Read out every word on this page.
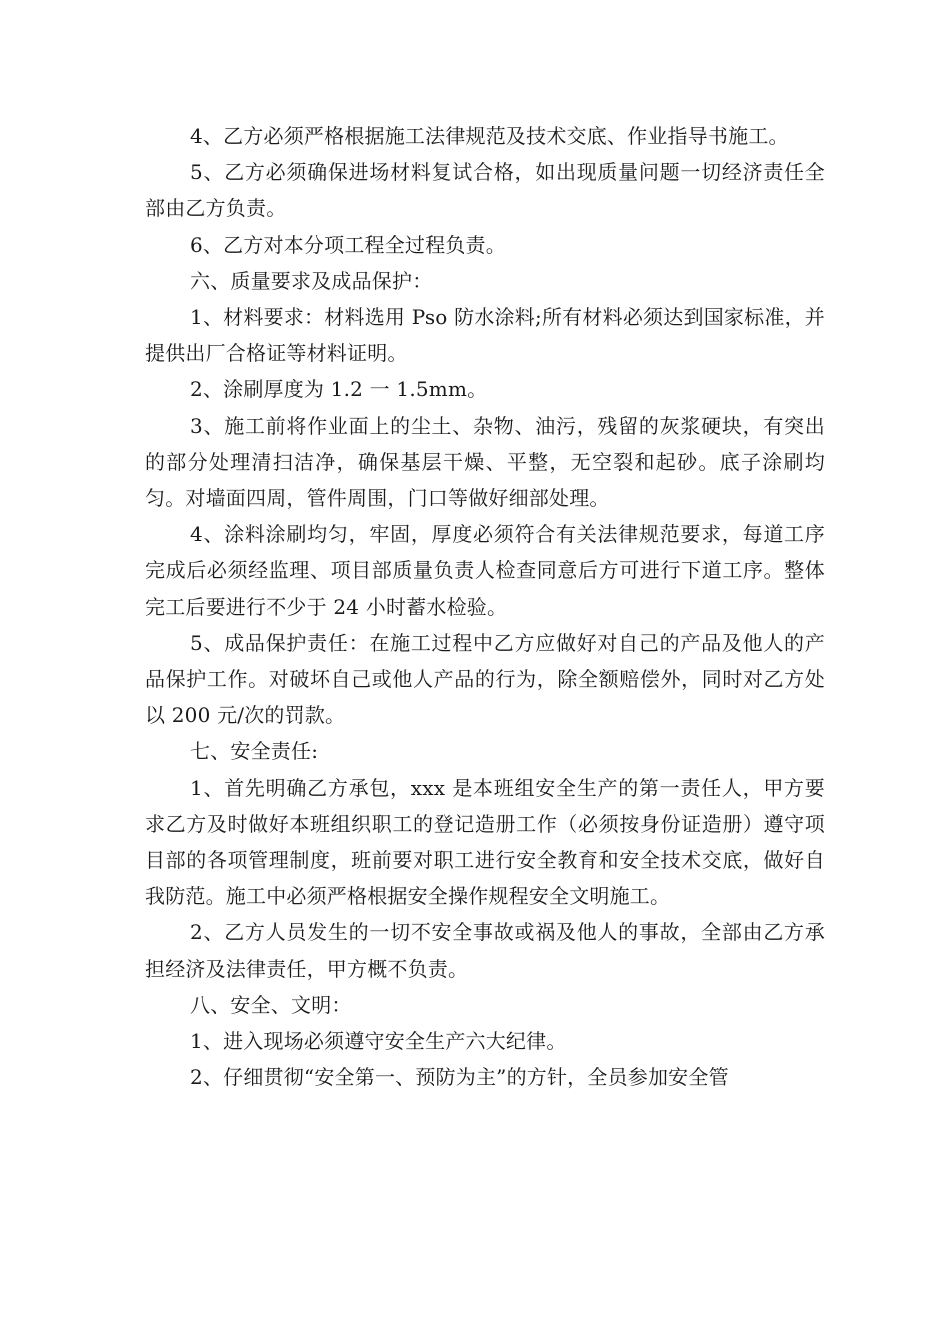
4、乙方必须严格根据施工法律规范及技术交底、作业指导书施工。

5、乙方必须确保进场材料复试合格，如出现质量问题一切经济责任全部由乙方负责。

6、乙方对本分项工程全过程负责。

六、质量要求及成品保护：

1、材料要求：材料选用 Pso 防水涂料;所有材料必须达到国家标准，并提供出厂合格证等材料证明。

2、涂刷厚度为 1.2 一 1.5mm。

3、施工前将作业面上的尘土、杂物、油污，残留的灰浆硬块，有突出的部分处理清扫洁净，确保基层干燥、平整，无空裂和起砂。底子涂刷均匀。对墙面四周，管件周围，门口等做好细部处理。

4、涂料涂刷均匀，牢固，厚度必须符合有关法律规范要求，每道工序完成后必须经监理、项目部质量负责人检查同意后方可进行下道工序。整体完工后要进行不少于 24 小时蓄水检验。

5、成品保护责任：在施工过程中乙方应做好对自己的产品及他人的产品保护工作。对破坏自己或他人产品的行为，除全额赔偿外，同时对乙方处以 200 元/次的罚款。

七、安全责任:

1、首先明确乙方承包，xxx 是本班组安全生产的第一责任人，甲方要求乙方及时做好本班组织职工的登记造册工作（必须按身份证造册）遵守项目部的各项管理制度，班前要对职工进行安全教育和安全技术交底，做好自我防范。施工中必须严格根据安全操作规程安全文明施工。

2、乙方人员发生的一切不安全事故或祸及他人的事故，全部由乙方承担经济及法律责任，甲方概不负责。

八、安全、文明：

1、进入现场必须遵守安全生产六大纪律。

2、仔细贯彻“安全第一、预防为主”的方针，全员参加安全管
